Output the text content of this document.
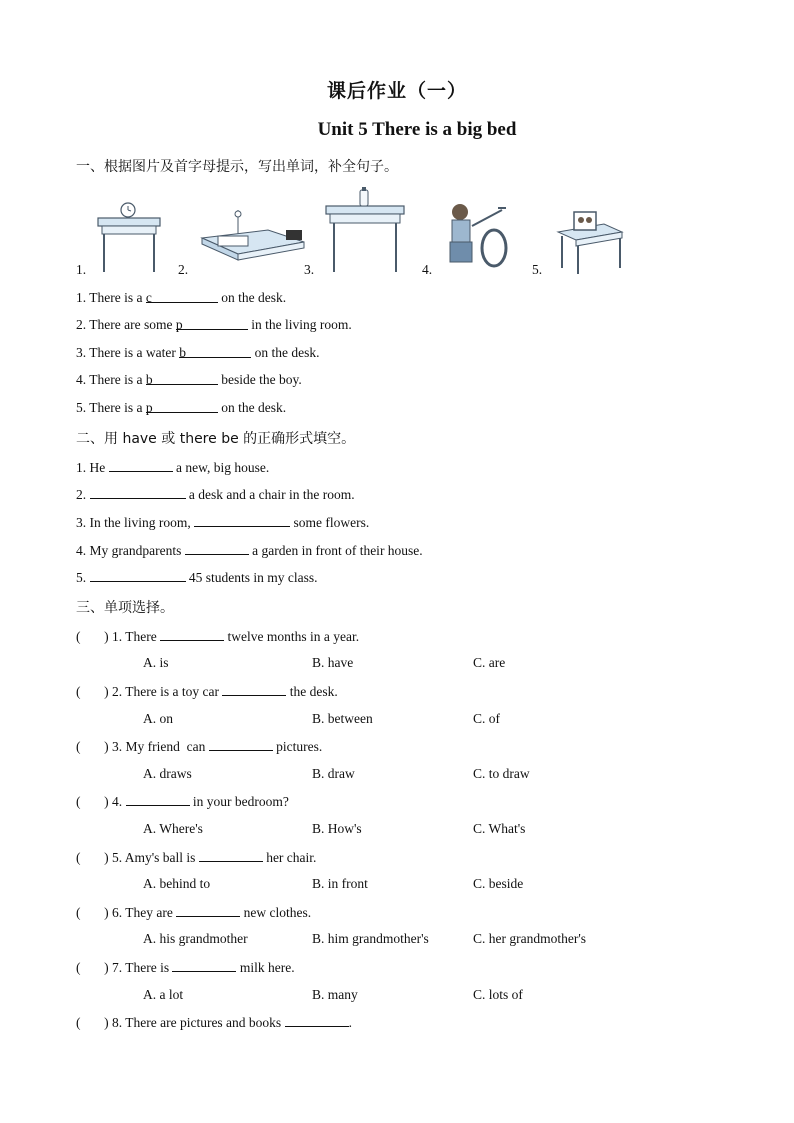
课后作业（一）
Unit 5 There is a big bed
一、根据图片及首字母提示，写出单词，补全句子。
1.	2.	3.	4.	5.
1. There is a c	on the desk.
2. There are some p	in the living room.
3. There is a water b	on the desk.
4. There is a b	beside the boy.
5. There is a p	on the desk.
二、用 have 或 there be 的正确形式填空。
1. He	a new, big house.
2.	a desk and a chair in the room.
3. In the living room,	some flowers.
4. My grandparents	a garden in front of their house.
5.	45 students in my class.
三、单项选择。
(       ) 1. There	twelve months in a year.
A. is	B. have	C. are
(       ) 2. There is a toy car	the desk.
A. on	B. between	C. of
(       ) 3. My friend  can	pictures.
A. draws	B. draw	C. to draw
(       ) 4.	in your bedroom?
A. Where's	B. How's	C. What's
(       ) 5. Amy's ball is	her chair.
A. behind to	B. in front	C. beside
(       ) 6. They are	new clothes.
A. his grandmother	B. him grandmother's	C. her grandmother's
(       ) 7. There is	milk here.
A. a lot	B. many	C. lots of
(       ) 8. There are pictures and books	.
